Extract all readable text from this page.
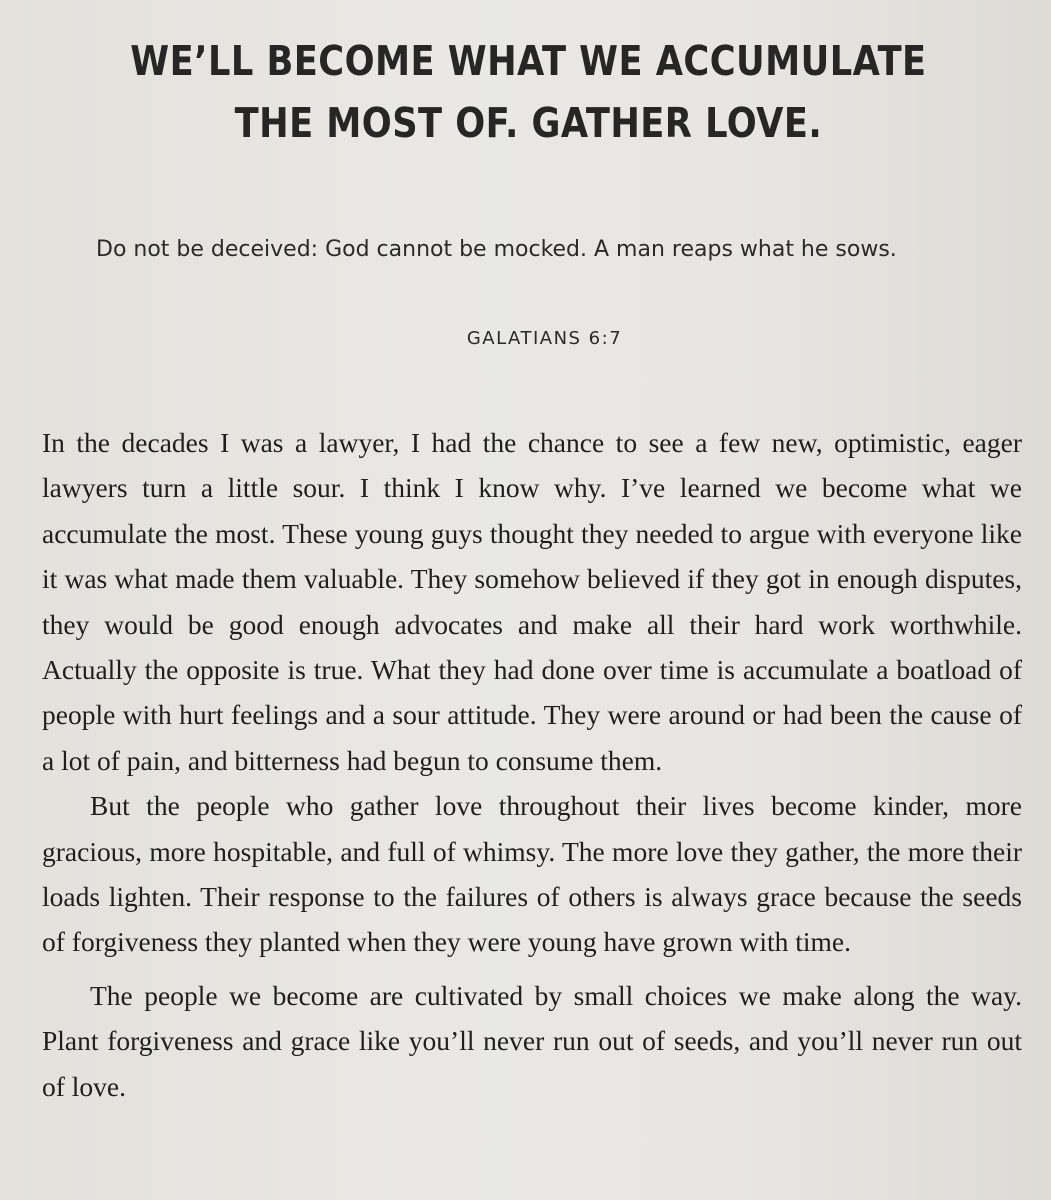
WE’LL BECOME WHAT WE ACCUMULATE
THE MOST OF. GATHER LOVE.

Do not be deceived: God cannot be mocked. A man reaps what he sows.

GALATIANS 6:7

In the decades I was a lawyer, I had the chance to see a few new, optimistic, eager lawyers turn a little sour. I think I know why. I’ve learned we become what we accumulate the most. These young guys thought they needed to argue with everyone like it was what made them valuable. They somehow believed if they got in enough disputes, they would be good enough advocates and make all their hard work worthwhile. Actually the opposite is true. What they had done over time is accumulate a boatload of people with hurt feelings and a sour attitude. They were around or had been the cause of a lot of pain, and bitterness had begun to consume them.

But the people who gather love throughout their lives become kinder, more gracious, more hospitable, and full of whimsy. The more love they gather, the more their loads lighten. Their response to the failures of others is always grace because the seeds of forgiveness they planted when they were young have grown with time.

The people we become are cultivated by small choices we make along the way. Plant forgiveness and grace like you’ll never run out of seeds, and you’ll never run out of love.
